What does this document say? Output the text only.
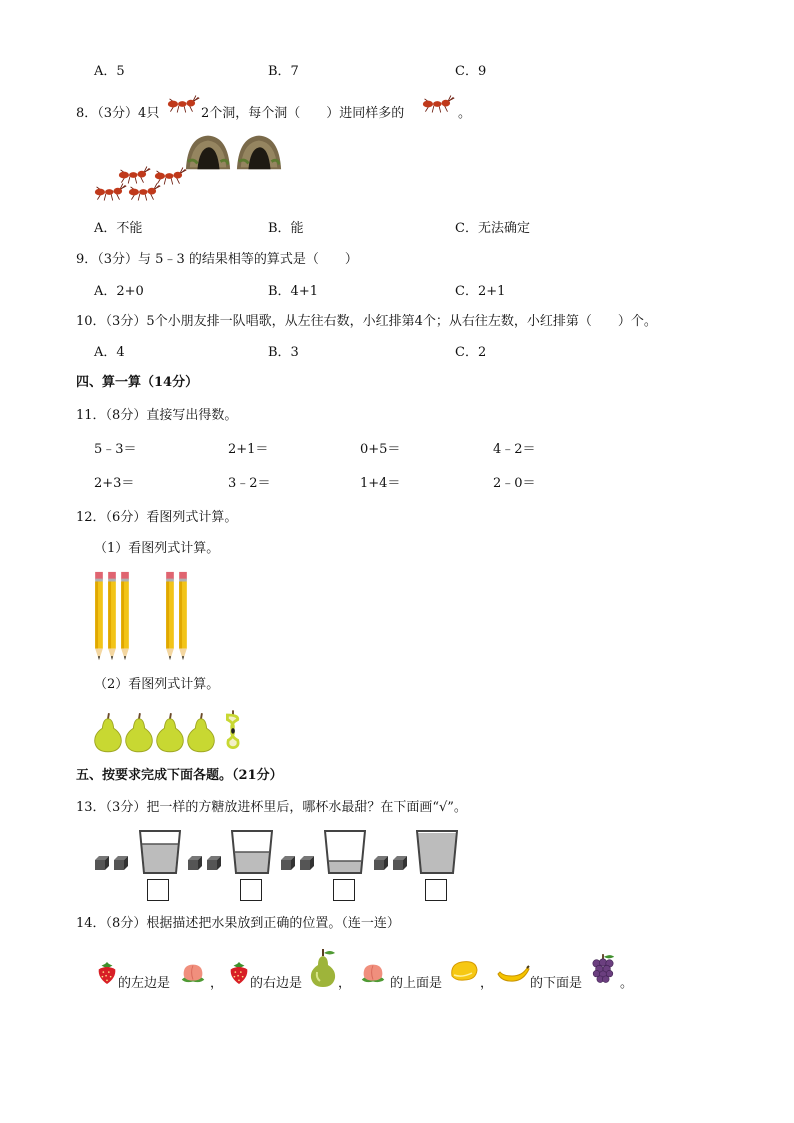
A．5	B．7	C．9
8．（3分）4只	2个洞，每个洞（　　）进同样多的	。
A．不能	B．能	C．无法确定
9．（3分）与 5﹣3 的结果相等的算式是（　　）
A．2+0	B．4+1	C．2+1
10．（3分）5个小朋友排一队唱歌，从左往右数，小红排第4个；从右往左数，小红排第（　　）个。
A．4	B．3	C．2
四、算一算（14分）
11．（8分）直接写出得数。
5﹣3＝	2+1＝	0+5＝	4﹣2＝
2+3＝	3﹣2＝	1+4＝	2﹣0＝
12．（6分）看图列式计算。
（1）看图列式计算。
（2）看图列式计算。
五、按要求完成下面各题。（21分）
13．（3分）把一样的方糖放进杯里后，哪杯水最甜？在下面画“√”。
14．（8分）根据描述把水果放到正确的位置。（连一连）
的左边是	， 的右边是	，	的上面是	，	的下面是	。
